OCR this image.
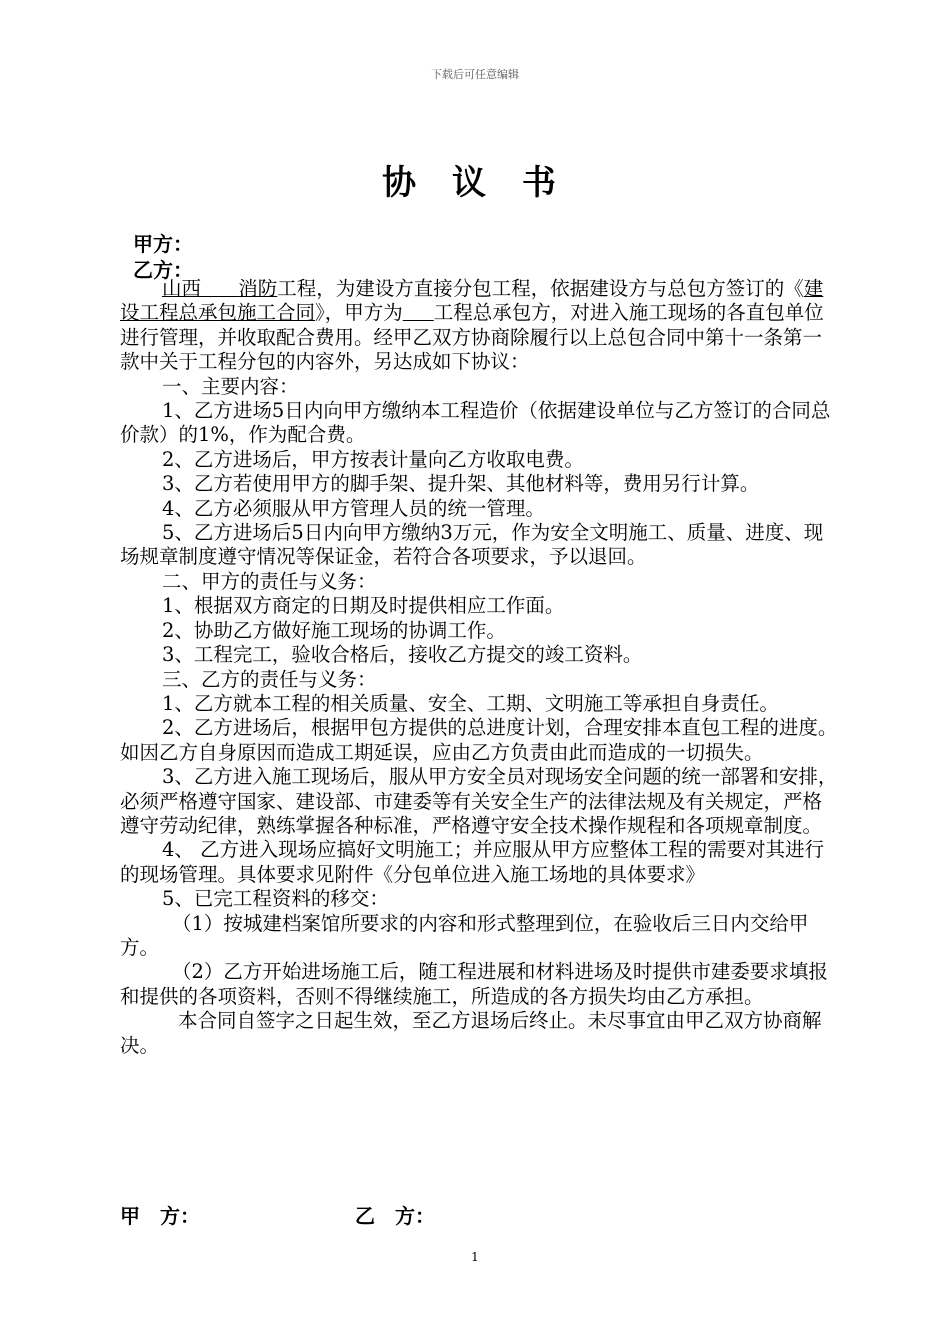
下载后可任意编辑
协 议 书
甲方：
乙方：

山西 消防工程，为建设方直接分包工程，依据建设方与总包方签订的《建设工程总承包施工合同》，甲方为 工程总承包方，对进入施工现场的各直包单位进行管理，并收取配合费用。经甲乙双方协商除履行以上总包合同中第十一条第一款中关于工程分包的内容外，另达成如下协议：

一、主要内容：

1、乙方进场5日内向甲方缴纳本工程造价（依据建设单位与乙方签订的合同总价款）的1%，作为配合费。

2、乙方进场后，甲方按表计量向乙方收取电费。

3、乙方若使用甲方的脚手架、提升架、其他材料等，费用另行计算。

4、乙方必须服从甲方管理人员的统一管理。

5、乙方进场后5日内向甲方缴纳3万元，作为安全文明施工、质量、进度、现场规章制度遵守情况等保证金，若符合各项要求，予以退回。

二、甲方的责任与义务：

1、根据双方商定的日期及时提供相应工作面。

2、协助乙方做好施工现场的协调工作。

3、工程完工，验收合格后，接收乙方提交的竣工资料。

三、乙方的责任与义务：

1、乙方就本工程的相关质量、安全、工期、文明施工等承担自身责任。

2、乙方进场后，根据甲包方提供的总进度计划，合理安排本直包工程的进度。如因乙方自身原因而造成工期延误，应由乙方负责由此而造成的一切损失。

3、乙方进入施工现场后，服从甲方安全员对现场安全问题的统一部署和安排，必须严格遵守国家、建设部、市建委等有关安全生产的法律法规及有关规定，严格遵守劳动纪律，熟练掌握各种标准，严格遵守安全技术操作规程和各项规章制度。

4、 乙方进入现场应搞好文明施工；并应服从甲方应整体工程的需要对其进行的现场管理。具体要求见附件《分包单位进入施工场地的具体要求》

5、已完工程资料的移交：

（1）按城建档案馆所要求的内容和形式整理到位，在验收后三日内交给甲方。

（2）乙方开始进场施工后，随工程进展和材料进场及时提供市建委要求填报和提供的各项资料，否则不得继续施工，所造成的各方损失均由乙方承担。

本合同自签字之日起生效，至乙方退场后终止。未尽事宜由甲乙双方协商解决。

甲　方：	乙　方：
1
